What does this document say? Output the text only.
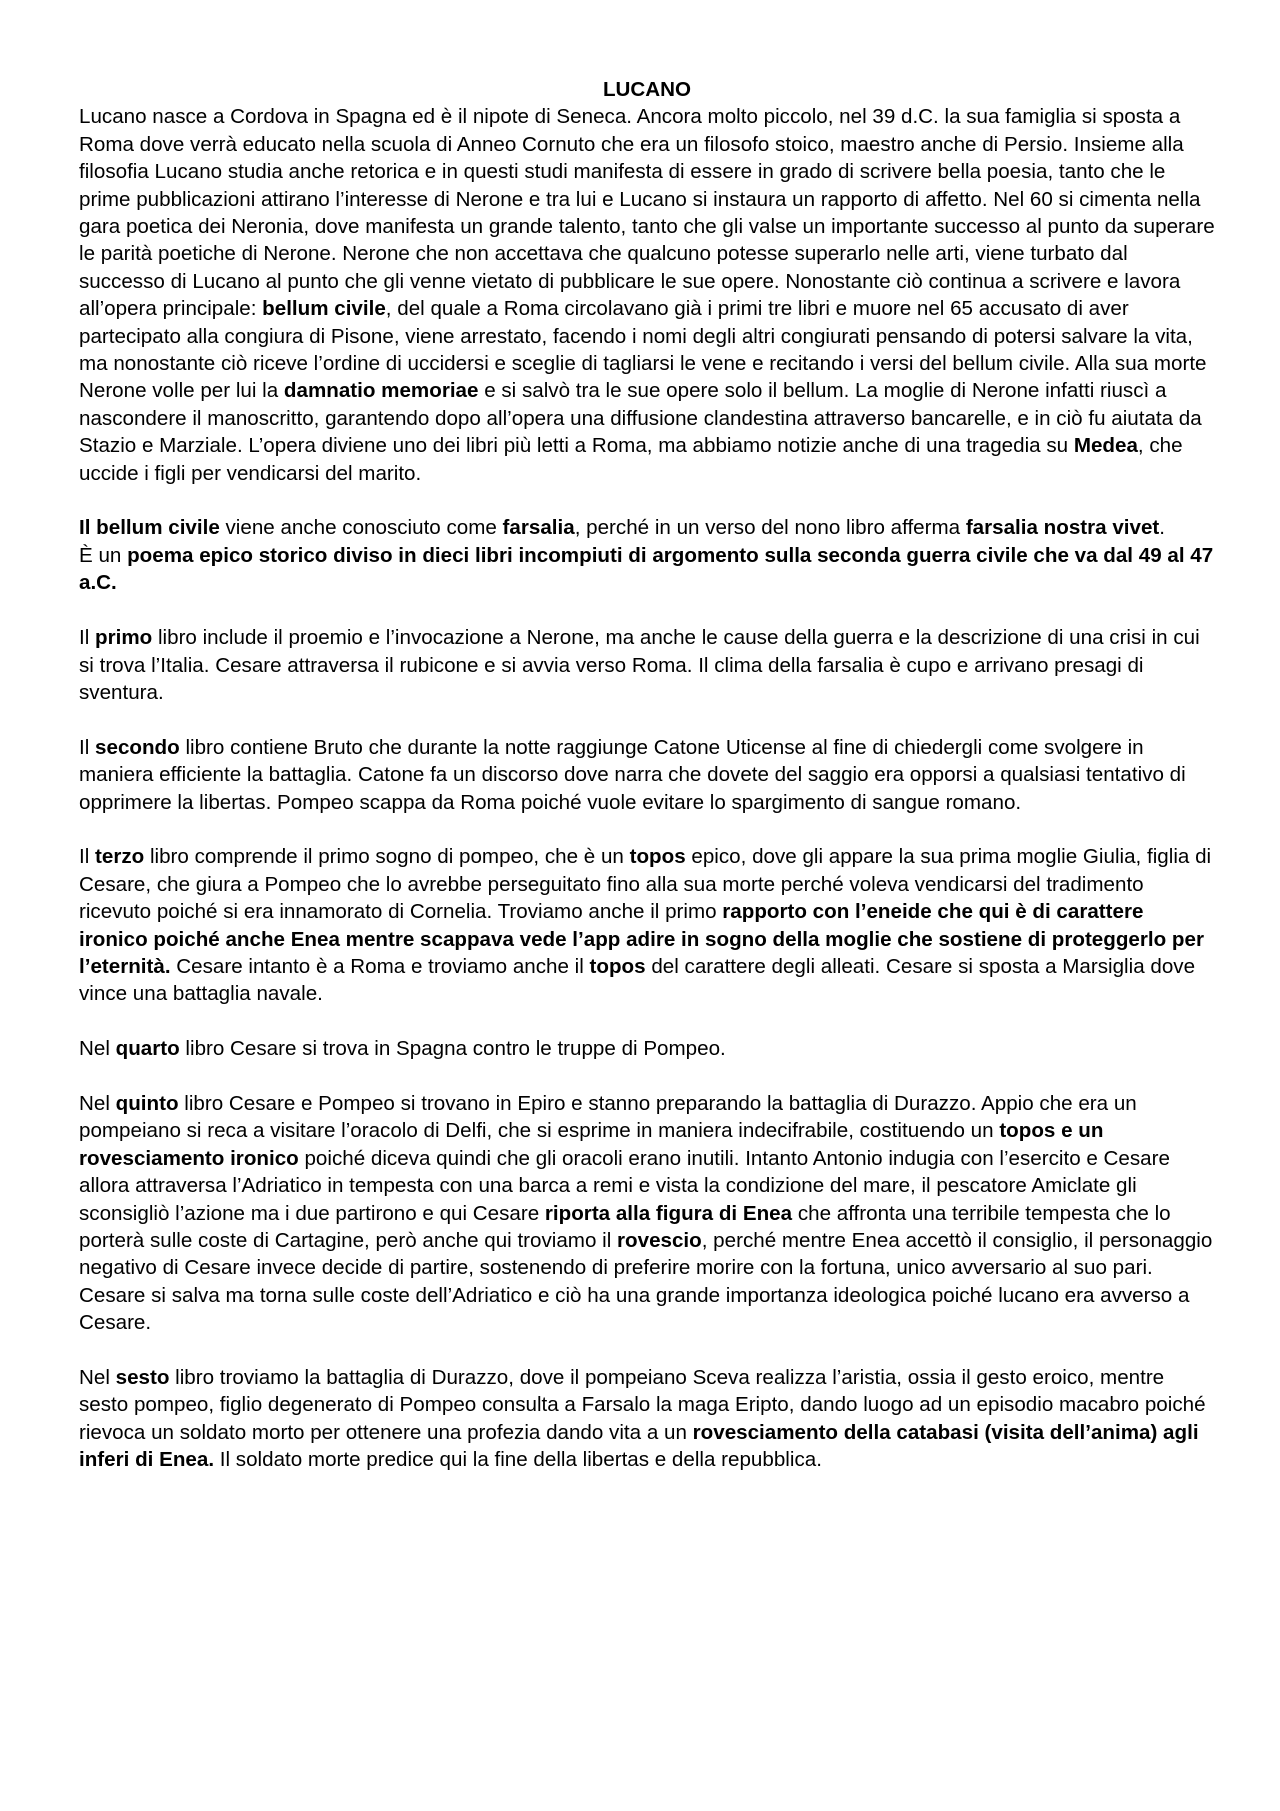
LUCANO

Lucano nasce a Cordova in Spagna ed è il nipote di Seneca. Ancora molto piccolo, nel 39 d.C. la sua famiglia si sposta a Roma dove verrà educato nella scuola di Anneo Cornuto che era un filosofo stoico, maestro anche di Persio. Insieme alla filosofia Lucano studia anche retorica e in questi studi manifesta di essere in grado di scrivere bella poesia, tanto che le prime pubblicazioni attirano l’interesse di Nerone e tra lui e Lucano si instaura un rapporto di affetto. Nel 60 si cimenta nella gara poetica dei Neronia, dove manifesta un grande talento, tanto che gli valse un importante successo al punto da superare le parità poetiche di Nerone. Nerone che non accettava che qualcuno potesse superarlo nelle arti, viene turbato dal successo di Lucano al punto che gli venne vietato di pubblicare le sue opere. Nonostante ciò continua a scrivere e lavora all’opera principale: bellum civile, del quale a Roma circolavano già i primi tre libri e muore nel 65 accusato di aver partecipato alla congiura di Pisone, viene arrestato, facendo i nomi degli altri congiurati pensando di potersi salvare la vita, ma nonostante ciò riceve l’ordine di uccidersi e sceglie di tagliarsi le vene e recitando i versi del bellum civile. Alla sua morte Nerone volle per lui la damnatio memoriae e si salvò tra le sue opere solo il bellum. La moglie di Nerone infatti riuscì a nascondere il manoscritto, garantendo dopo all’opera una diffusione clandestina attraverso bancarelle, e in ciò fu aiutata da Stazio e Marziale. L’opera diviene uno dei libri più letti a Roma, ma abbiamo notizie anche di una tragedia su Medea, che uccide i figli per vendicarsi del marito.

Il bellum civile viene anche conosciuto come farsalia, perché in un verso del nono libro afferma farsalia nostra vivet.
È un poema epico storico diviso in dieci libri incompiuti di argomento sulla seconda guerra civile che va dal 49 al 47 a.C.

Il primo libro include il proemio e l’invocazione a Nerone, ma anche le cause della guerra e la descrizione di una crisi in cui si trova l’Italia. Cesare attraversa il rubicone e si avvia verso Roma. Il clima della farsalia è cupo e arrivano presagi di sventura.

Il secondo libro contiene Bruto che durante la notte raggiunge Catone Uticense al fine di chiedergli come svolgere in maniera efficiente la battaglia. Catone fa un discorso dove narra che dovete del saggio era opporsi a qualsiasi tentativo di opprimere la libertas. Pompeo scappa da Roma poiché vuole evitare lo spargimento di sangue romano.

Il terzo libro comprende il primo sogno di pompeo, che è un topos epico, dove gli appare la sua prima moglie Giulia, figlia di Cesare, che giura a Pompeo che lo avrebbe perseguitato fino alla sua morte perché voleva vendicarsi del tradimento ricevuto poiché si era innamorato di Cornelia. Troviamo anche il primo rapporto con l’eneide che qui è di carattere ironico poiché anche Enea mentre scappava vede l’app adire in sogno della moglie che sostiene di proteggerlo per l’eternità. Cesare intanto è a Roma e troviamo anche il topos del carattere degli alleati. Cesare si sposta a Marsiglia dove vince una battaglia navale.

Nel quarto libro Cesare si trova in Spagna contro le truppe di Pompeo.

Nel quinto libro Cesare e Pompeo si trovano in Epiro e stanno preparando la battaglia di Durazzo. Appio che era un pompeiano si reca a visitare l’oracolo di Delfi, che si esprime in maniera indecifrabile, costituendo un topos e un rovesciamento ironico poiché diceva quindi che gli oracoli erano inutili. Intanto Antonio indugia con l’esercito e Cesare allora attraversa l’Adriatico in tempesta con una barca a remi e vista la condizione del mare, il pescatore Amiclate gli sconsigliò l’azione ma i due partirono e qui Cesare riporta alla figura di Enea che affronta una terribile tempesta che lo porterà sulle coste di Cartagine, però anche qui troviamo il rovescio, perché mentre Enea accettò il consiglio, il personaggio negativo di Cesare invece decide di partire, sostenendo di preferire morire con la fortuna, unico avversario al suo pari. Cesare si salva ma torna sulle coste dell’Adriatico e ciò ha una grande importanza ideologica poiché lucano era avverso a Cesare.

Nel sesto libro troviamo la battaglia di Durazzo, dove il pompeiano Sceva realizza l’aristia, ossia il gesto eroico, mentre sesto pompeo, figlio degenerato di Pompeo consulta a Farsalo la maga Eripto, dando luogo ad un episodio macabro poiché rievoca un soldato morto per ottenere una profezia dando vita a un rovesciamento della catabasi (visita dell’anima) agli inferi di Enea. Il soldato morte predice qui la fine della libertas e della repubblica.
